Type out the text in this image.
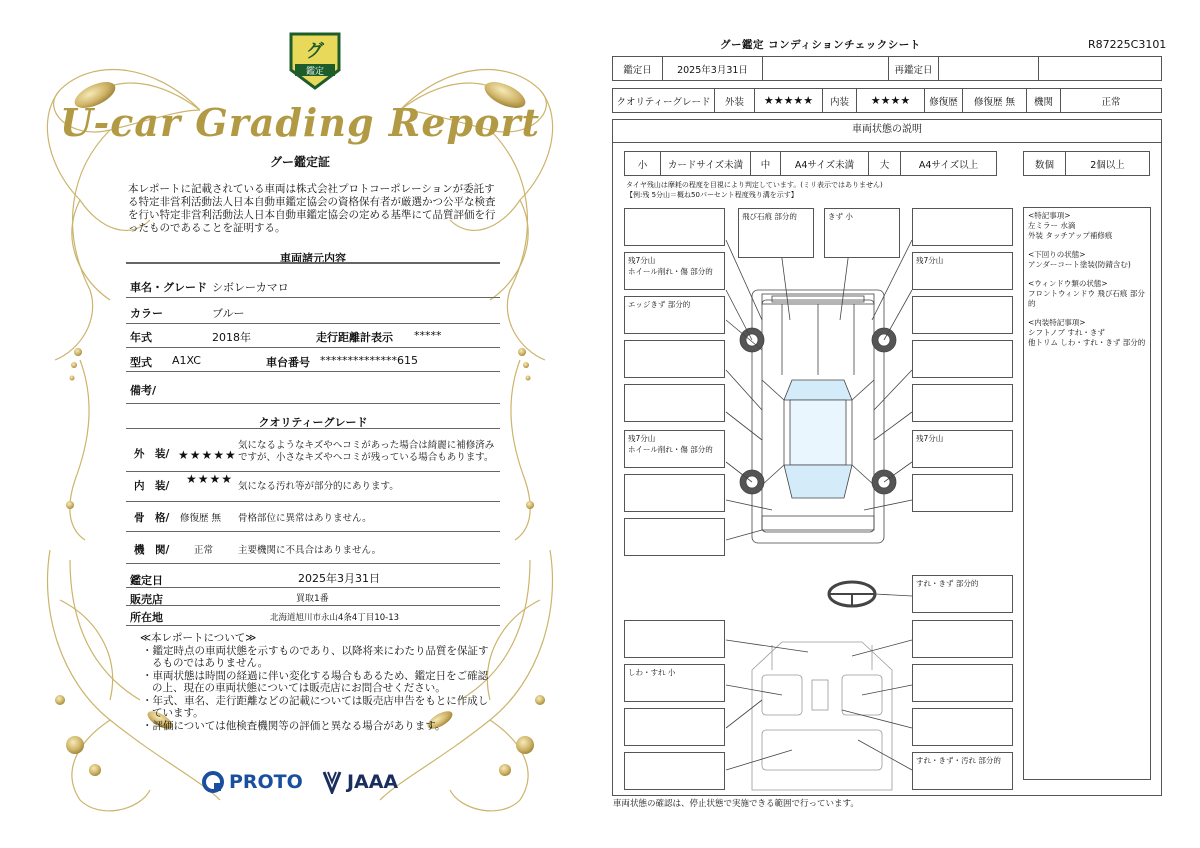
グ
鑑定
U-car Grading Report
グー鑑定証
本レポートに記載されている車両は株式会社プロトコーポレーションが委託する特定非営利活動法人日本自動車鑑定協会の資格保有者が厳選かつ公平な検査を行い特定非営利活動法人日本自動車鑑定協会の定める基準にて品質評価を行ったものであることを証明する。
車両諸元内容
車名・グレード シボレーカマロ
カラー	ブルー
年式	2018年	走行距離計表示 *****
型式 A1XC	車台番号 **************615
備考/
クオリティーグレード
外　装/ ★★★★★
気になるようなキズやヘコミがあった場合は綺麗に補修済みですが、小さなキズやヘコミが残っている場合もあります。
内　装/ ★★★★
気になる汚れ等が部分的にあります。
骨　格/ 修復歴 無 骨格部位に異常はありません。
機　関/	正常	主要機関に不具合はありません。
鑑定日	2025年3月31日
販売店	買取1番
所在地	北海道旭川市永山4条4丁目10-13
≪本レポートについて≫
・鑑定時点の車両状態を示すものであり、以降将来にわたり品質を保証するものではありません。
・車両状態は時間の経過に伴い変化する場合もあるため、鑑定日をご確認の上、現在の車両状態については販売店にお問合せください。
・年式、車名、走行距離などの記載については販売店申告をもとに作成しています。
・評価については他検査機関等の評価と異なる場合があります。
PROTO JAAA
グー鑑定 コンディションチェックシート	R87225C3101
鑑定日	2025年3月31日		再鑑定日		
クオリティーグレード	外装	★★★★★	内装	★★★★	修復歴	修復歴 無	機関	正常
車両状態の説明
小	カードサイズ未満	中	A4サイズ未満	大	A4サイズ以上	数個	2個以上
タイヤ残山は摩耗の程度を目視により判定しています。(ミリ表示ではありません)
【例:残 5分山＝概ね50パーセント程度残り溝を示す】
飛び石痕 部分的	きず 小
残7分山
ホイール削れ・傷 部分的
残7分山
エッジきず 部分的
残7分山
ホイール削れ・傷 部分的
残7分山
すれ・きず 部分的
しわ・すれ 小
すれ・きず・汚れ 部分的
<特記事項>
左ミラー 水滴

外装 タッチアップ補修痕

<下回りの状態>

アンダーコート塗装(防錆含む)

<ウィンドウ類の状態>

フロントウィンドウ 飛び石痕 部分的

<内装特記事項>
シフトノブ すれ・きず
他トリム しわ・すれ・きず 部分的
車両状態の確認は、停止状態で実施できる範囲で行っています。
